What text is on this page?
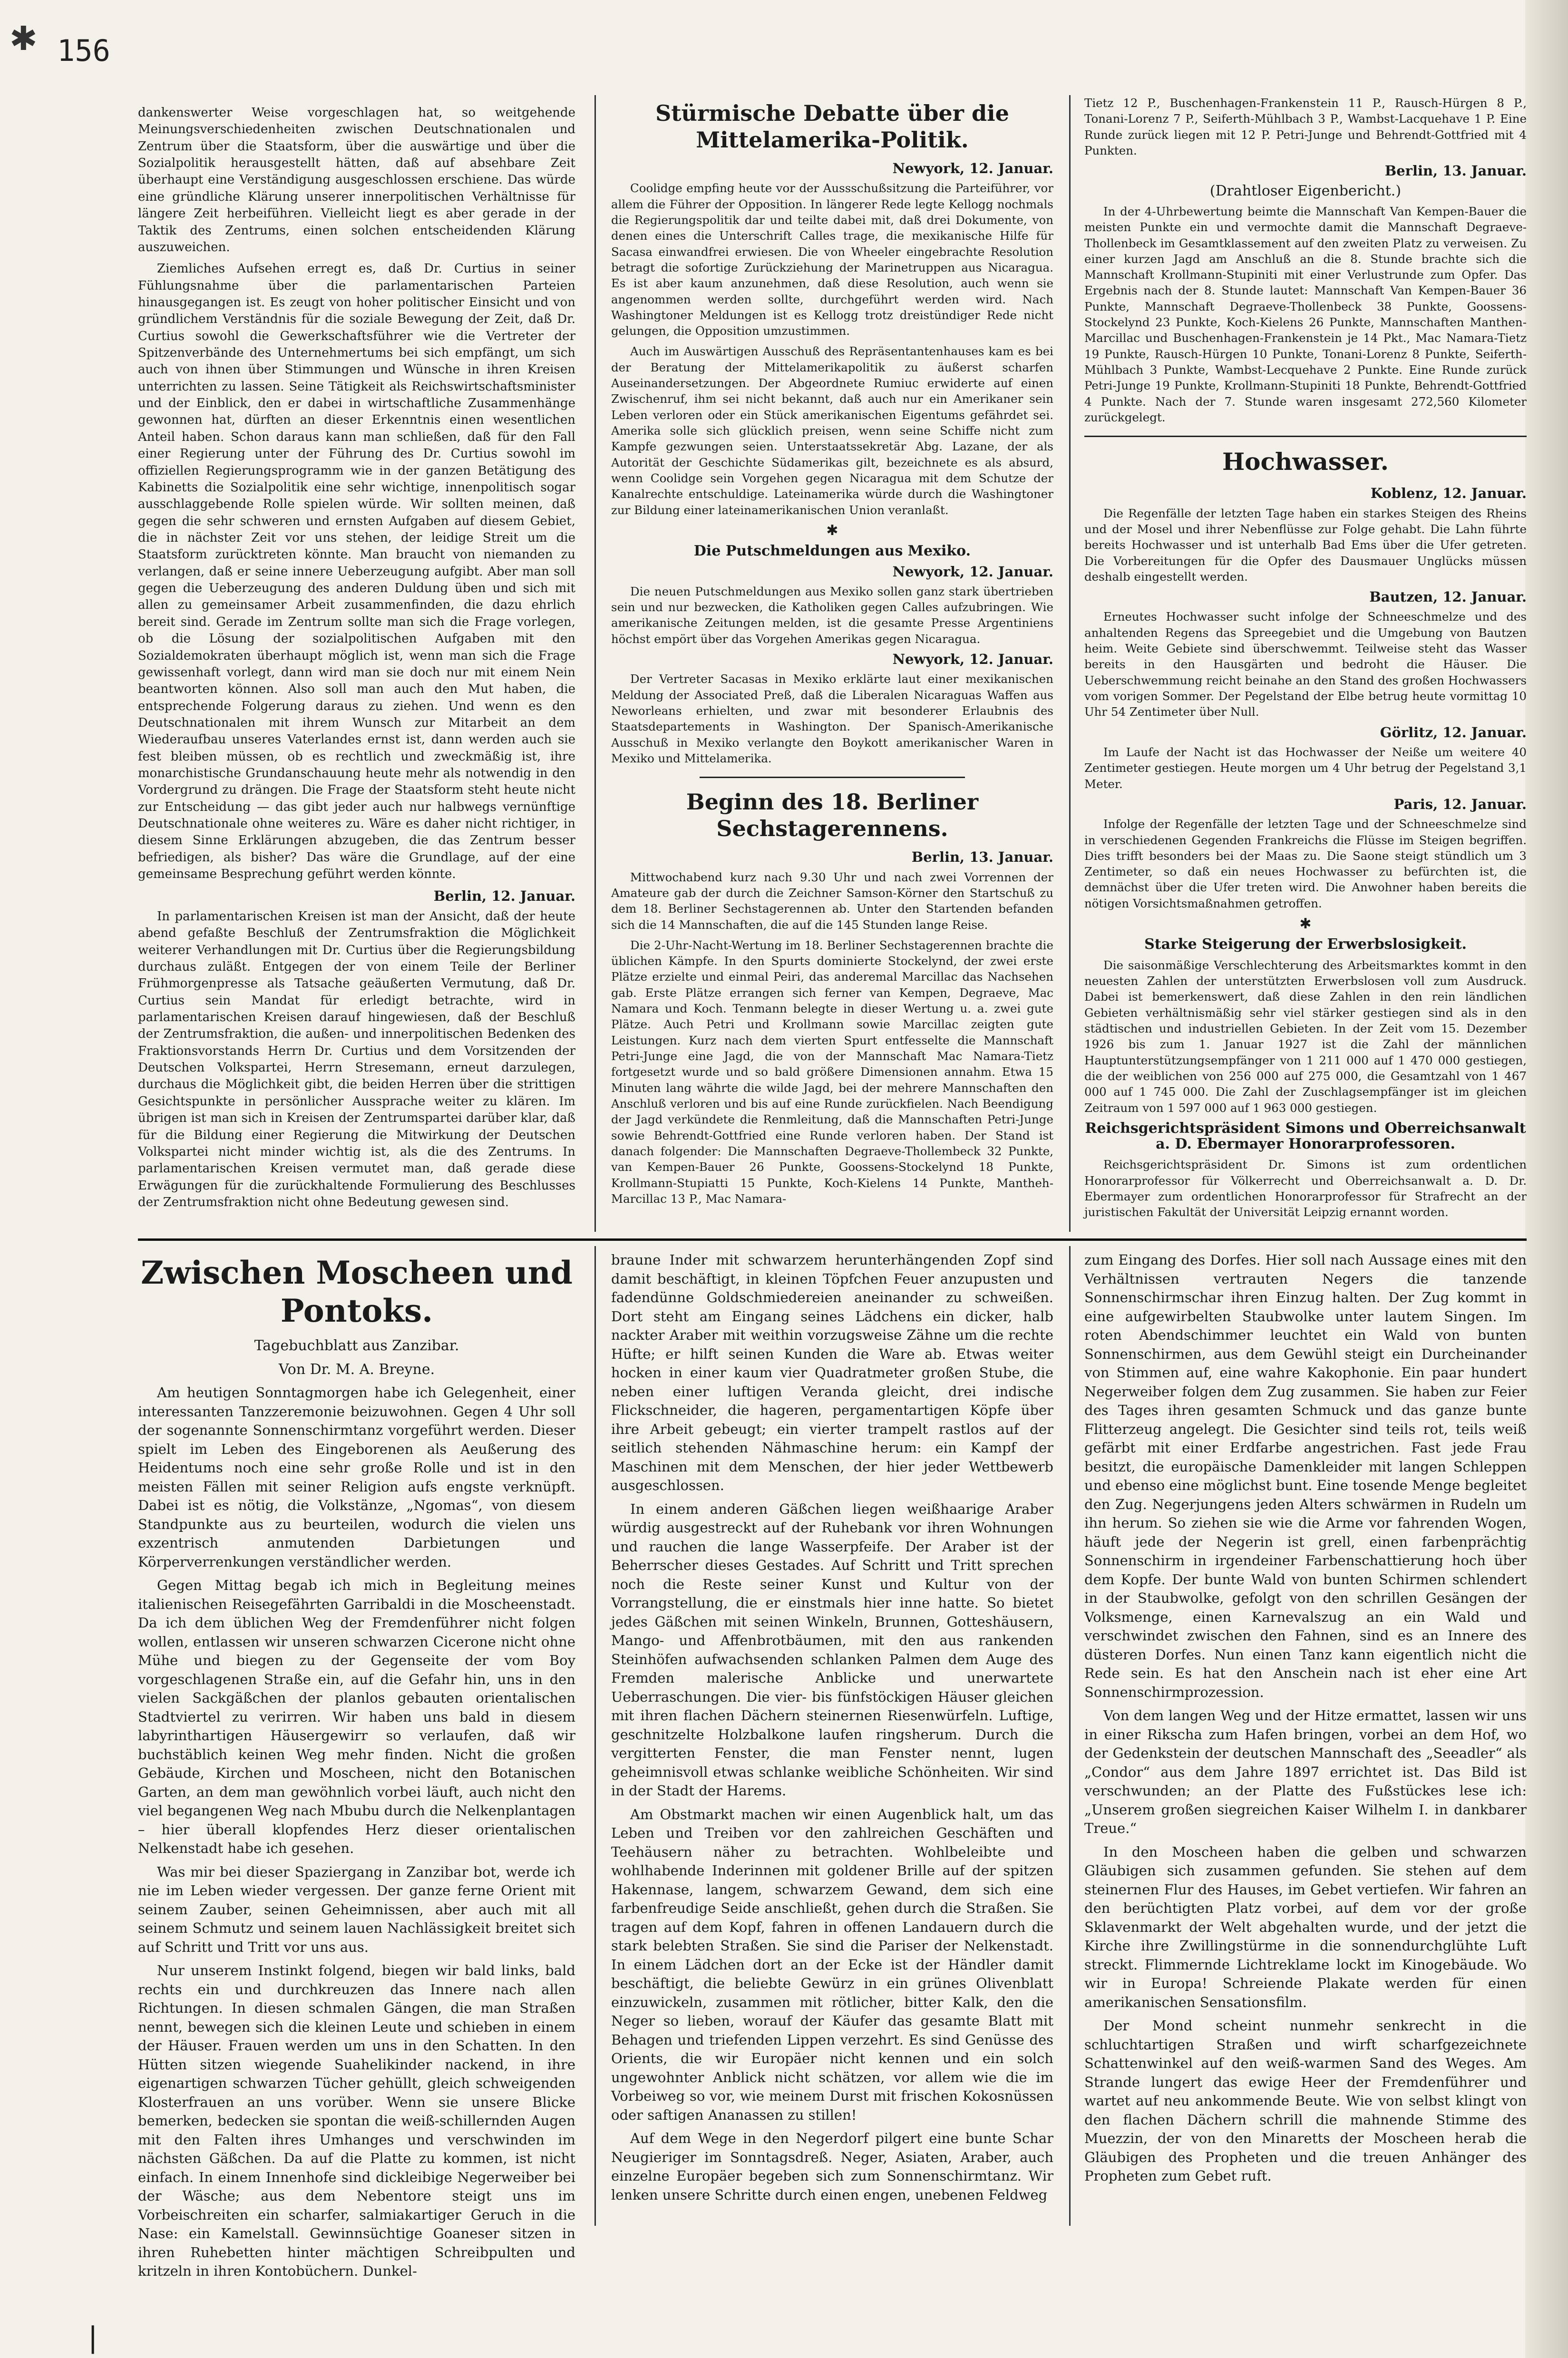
✱ 156

dankenswerter Weise vorgeschlagen hat, so weitgehende Meinungsverschiedenheiten zwischen Deutschnationalen und Zentrum über die Staatsform, über die auswärtige und über die Sozialpolitik herausgestellt hätten, daß auf absehbare Zeit überhaupt eine Verständigung ausgeschlossen erschiene. Das würde eine gründliche Klärung unserer innerpolitischen Verhältnisse für längere Zeit herbeiführen. Vielleicht liegt es aber gerade in der Taktik des Zentrums, einen solchen entscheidenden Klärung auszuweichen.

Ziemliches Aufsehen erregt es, daß Dr. Curtius in seiner Fühlungsnahme über die parlamentarischen Parteien hinausgegangen ist. Es zeugt von hoher politischer Einsicht und von gründlichem Verständnis für die soziale Bewegung der Zeit, daß Dr. Curtius sowohl die Gewerkschaftsführer wie die Vertreter der Spitzenverbände des Unternehmertums bei sich empfängt, um sich auch von ihnen über Stimmungen und Wünsche in ihren Kreisen unterrichten zu lassen. Seine Tätigkeit als Reichswirtschaftsminister und der Einblick, den er dabei in wirtschaftliche Zusammenhänge gewonnen hat, dürften an dieser Erkenntnis einen wesentlichen Anteil haben. Schon daraus kann man schließen, daß für den Fall einer Regierung unter der Führung des Dr. Curtius sowohl im offiziellen Regierungsprogramm wie in der ganzen Betätigung des Kabinetts die Sozialpolitik eine sehr wichtige, innenpolitisch sogar ausschlaggebende Rolle spielen würde. Wir sollten meinen, daß gegen die sehr schweren und ernsten Aufgaben auf diesem Gebiet, die in nächster Zeit vor uns stehen, der leidige Streit um die Staatsform zurücktreten könnte. Man braucht von niemanden zu verlangen, daß er seine innere Ueberzeugung aufgibt. Aber man soll gegen die Ueberzeugung des anderen Duldung üben und sich mit allen zu gemeinsamer Arbeit zusammenfinden, die dazu ehrlich bereit sind. Gerade im Zentrum sollte man sich die Frage vorlegen, ob die Lösung der sozialpolitischen Aufgaben mit den Sozialdemokraten überhaupt möglich ist, wenn man sich die Frage gewissenhaft vorlegt, dann wird man sie doch nur mit einem Nein beantworten können. Also soll man auch den Mut haben, die entsprechende Folgerung daraus zu ziehen. Und wenn es den Deutschnationalen mit ihrem Wunsch zur Mitarbeit an dem Wiederaufbau unseres Vaterlandes ernst ist, dann werden auch sie fest bleiben müssen, ob es rechtlich und zweckmäßig ist, ihre monarchistische Grundanschauung heute mehr als notwendig in den Vordergrund zu drängen. Die Frage der Staatsform steht heute nicht zur Entscheidung — das gibt jeder auch nur halbwegs vernünftige Deutschnationale ohne weiteres zu. Wäre es daher nicht richtiger, in diesem Sinne Erklärungen abzugeben, die das Zentrum besser befriedigen, als bisher? Das wäre die Grundlage, auf der eine gemeinsame Besprechung geführt werden könnte.

Berlin, 12. Januar.

In parlamentarischen Kreisen ist man der Ansicht, daß der heute abend gefaßte Beschluß der Zentrumsfraktion die Möglichkeit weiterer Verhandlungen mit Dr. Curtius über die Regierungsbildung durchaus zuläßt. Entgegen der von einem Teile der Berliner Frühmorgenpresse als Tatsache geäußerten Vermutung, daß Dr. Curtius sein Mandat für erledigt betrachte, wird in parlamentarischen Kreisen darauf hingewiesen, daß der Beschluß der Zentrumsfraktion, die außen- und innerpolitischen Bedenken des Fraktionsvorstands Herrn Dr. Curtius und dem Vorsitzenden der Deutschen Volkspartei, Herrn Stresemann, erneut darzulegen, durchaus die Möglichkeit gibt, die beiden Herren über die strittigen Gesichtspunkte in persönlicher Aussprache weiter zu klären. Im übrigen ist man sich in Kreisen der Zentrumspartei darüber klar, daß für die Bildung einer Regierung die Mitwirkung der Deutschen Volkspartei nicht minder wichtig ist, als die des Zentrums. In parlamentarischen Kreisen vermutet man, daß gerade diese Erwägungen für die zurückhaltende Formulierung des Beschlusses der Zentrumsfraktion nicht ohne Bedeutung gewesen sind.

Stürmische Debatte über die Mittelamerika-Politik.
Newyork, 12. Januar.

Coolidge empfing heute vor der Aussschußsitzung die Parteiführer, vor allem die Führer der Opposition. In längerer Rede legte Kellogg nochmals die Regierungspolitik dar und teilte dabei mit, daß drei Dokumente, von denen eines die Unterschrift Calles trage, die mexikanische Hilfe für Sacasa einwandfrei erwiesen. Die von Wheeler eingebrachte Resolution betragt die sofortige Zurückziehung der Marinetruppen aus Nicaragua. Es ist aber kaum anzunehmen, daß diese Resolution, auch wenn sie angenommen werden sollte, durchgeführt werden wird. Nach Washingtoner Meldungen ist es Kellogg trotz dreistündiger Rede nicht gelungen, die Opposition umzustimmen.

Auch im Auswärtigen Ausschuß des Repräsentantenhauses kam es bei der Beratung der Mittelamerikapolitik zu äußerst scharfen Auseinandersetzungen. Der Abgeordnete Rumiuc erwiderte auf einen Zwischenruf, ihm sei nicht bekannt, daß auch nur ein Amerikaner sein Leben verloren oder ein Stück amerikanischen Eigentums gefährdet sei. Amerika solle sich glücklich preisen, wenn seine Schiffe nicht zum Kampfe gezwungen seien. Unterstaatssekretär Abg. Lazane, der als Autorität der Geschichte Südamerikas gilt, bezeichnete es als absurd, wenn Coolidge sein Vorgehen gegen Nicaragua mit dem Schutze der Kanalrechte entschuldige. Lateinamerika würde durch die Washingtoner zur Bildung einer lateinamerikanischen Union veranlaßt.

✱
Die Putschmeldungen aus Mexiko.
Newyork, 12. Januar.

Die neuen Putschmeldungen aus Mexiko sollen ganz stark übertrieben sein und nur bezwecken, die Katholiken gegen Calles aufzubringen. Wie amerikanische Zeitungen melden, ist die gesamte Presse Argentiniens höchst empört über das Vorgehen Amerikas gegen Nicaragua.

Newyork, 12. Januar.

Der Vertreter Sacasas in Mexiko erklärte laut einer mexikanischen Meldung der Associated Preß, daß die Liberalen Nicaraguas Waffen aus Neworleans erhielten, und zwar mit besonderer Erlaubnis des Staatsdepartements in Washington. Der Spanisch-Amerikanische Ausschuß in Mexiko verlangte den Boykott amerikanischer Waren in Mexiko und Mittelamerika.

Beginn des 18. Berliner Sechstagerennens.
Berlin, 13. Januar.

Mittwochabend kurz nach 9.30 Uhr und nach zwei Vorrennen der Amateure gab der durch die Zeichner Samson-Körner den Startschuß zu dem 18. Berliner Sechstagerennen ab. Unter den Startenden befanden sich die 14 Mannschaften, die auf die 145 Stunden lange Reise.

Die 2-Uhr-Nacht-Wertung im 18. Berliner Sechstagerennen brachte die üblichen Kämpfe. In den Spurts dominierte Stockelynd, der zwei erste Plätze erzielte und einmal Peiri, das anderemal Marcillac das Nachsehen gab. Erste Plätze errangen sich ferner van Kempen, Degraeve, Mac Namara und Koch. Tenmann belegte in dieser Wertung u. a. zwei gute Plätze. Auch Petri und Krollmann sowie Marcillac zeigten gute Leistungen. Kurz nach dem vierten Spurt entfesselte die Mannschaft Petri-Junge eine Jagd, die von der Mannschaft Mac Namara-Tietz fortgesetzt wurde und so bald größere Dimensionen annahm. Etwa 15 Minuten lang währte die wilde Jagd, bei der mehrere Mannschaften den Anschluß verloren und bis auf eine Runde zurückfielen. Nach Beendigung der Jagd verkündete die Renmleitung, daß die Mannschaften Petri-Junge sowie Behrendt-Gottfried eine Runde verloren haben. Der Stand ist danach folgender: Die Mannschaften Degraeve-Thollembeck 32 Punkte, van Kempen-Bauer 26 Punkte, Goossens-Stockelynd 18 Punkte, Krollmann-Stupiatti 15 Punkte, Koch-Kielens 14 Punkte, Mantheh-Marcillac 13 P., Mac Namara-

Tietz 12 P., Buschenhagen-Frankenstein 11 P., Rausch-Hürgen 8 P., Tonani-Lorenz 7 P., Seiferth-Mühlbach 3 P., Wambst-Lacquehave 1 P. Eine Runde zurück liegen mit 12 P. Petri-Junge und Behrendt-Gottfried mit 4 Punkten.

Berlin, 13. Januar.
(Drahtloser Eigenbericht.)

In der 4-Uhrbewertung beimte die Mannschaft Van Kempen-Bauer die meisten Punkte ein und vermochte damit die Mannschaft Degraeve-Thollenbeck im Gesamtklassement auf den zweiten Platz zu verweisen. Zu einer kurzen Jagd am Anschluß an die 8. Stunde brachte sich die Mannschaft Krollmann-Stupiniti mit einer Verlustrunde zum Opfer. Das Ergebnis nach der 8. Stunde lautet: Mannschaft Van Kempen-Bauer 36 Punkte, Mannschaft Degraeve-Thollenbeck 38 Punkte, Goossens-Stockelynd 23 Punkte, Koch-Kielens 26 Punkte, Mannschaften Manthen-Marcillac und Buschenhagen-Frankenstein je 14 Pkt., Mac Namara-Tietz 19 Punkte, Rausch-Hürgen 10 Punkte, Tonani-Lorenz 8 Punkte, Seiferth-Mühlbach 3 Punkte, Wambst-Lecquehave 2 Punkte. Eine Runde zurück Petri-Junge 19 Punkte, Krollmann-Stupiniti 18 Punkte, Behrendt-Gottfried 4 Punkte. Nach der 7. Stunde waren insgesamt 272,560 Kilometer zurückgelegt.

Hochwasser.
Koblenz, 12. Januar.

Die Regenfälle der letzten Tage haben ein starkes Steigen des Rheins und der Mosel und ihrer Nebenflüsse zur Folge gehabt. Die Lahn führte bereits Hochwasser und ist unterhalb Bad Ems über die Ufer getreten. Die Vorbereitungen für die Opfer des Dausmauer Unglücks müssen deshalb eingestellt werden.

Bautzen, 12. Januar.

Erneutes Hochwasser sucht infolge der Schneeschmelze und des anhaltenden Regens das Spreegebiet und die Umgebung von Bautzen heim. Weite Gebiete sind überschwemmt. Teilweise steht das Wasser bereits in den Hausgärten und bedroht die Häuser. Die Ueberschwemmung reicht beinahe an den Stand des großen Hochwassers vom vorigen Sommer. Der Pegelstand der Elbe betrug heute vormittag 10 Uhr 54 Zentimeter über Null.

Görlitz, 12. Januar.

Im Laufe der Nacht ist das Hochwasser der Neiße um weitere 40 Zentimeter gestiegen. Heute morgen um 4 Uhr betrug der Pegelstand 3,1 Meter.

Paris, 12. Januar.

Infolge der Regenfälle der letzten Tage und der Schneeschmelze sind in verschiedenen Gegenden Frankreichs die Flüsse im Steigen begriffen. Dies trifft besonders bei der Maas zu. Die Saone steigt stündlich um 3 Zentimeter, so daß ein neues Hochwasser zu befürchten ist, die demnächst über die Ufer treten wird. Die Anwohner haben bereits die nötigen Vorsichtsmaßnahmen getroffen.

✱
Starke Steigerung der Erwerbslosigkeit.

Die saisonmäßige Verschlechterung des Arbeitsmarktes kommt in den neuesten Zahlen der unterstützten Erwerbslosen voll zum Ausdruck. Dabei ist bemerkenswert, daß diese Zahlen in den rein ländlichen Gebieten verhältnismäßig sehr viel stärker gestiegen sind als in den städtischen und industriellen Gebieten. In der Zeit vom 15. Dezember 1926 bis zum 1. Januar 1927 ist die Zahl der männlichen Hauptunterstützungsempfänger von 1 211 000 auf 1 470 000 gestiegen, die der weiblichen von 256 000 auf 275 000, die Gesamtzahl von 1 467 000 auf 1 745 000. Die Zahl der Zuschlagsempfänger ist im gleichen Zeitraum von 1 597 000 auf 1 963 000 gestiegen.

Reichsgerichtspräsident Simons und Oberreichsanwalt a. D. Ebermayer Honorarprofessoren.

Reichsgerichtspräsident Dr. Simons ist zum ordentlichen Honorarprofessor für Völkerrecht und Oberreichsanwalt a. D. Dr. Ebermayer zum ordentlichen Honorarprofessor für Strafrecht an der juristischen Fakultät der Universität Leipzig ernannt worden.

Zwischen Moscheen und Pontoks.
Tagebuchblatt aus Zanzibar.
Von Dr. M. A. Breyne.

Am heutigen Sonntagmorgen habe ich Gelegenheit, einer interessanten Tanzzeremonie beizuwohnen. Gegen 4 Uhr soll der sogenannte Sonnenschirmtanz vorgeführt werden. Dieser spielt im Leben des Eingeborenen als Aeußerung des Heidentums noch eine sehr große Rolle und ist in den meisten Fällen mit seiner Religion aufs engste verknüpft. Dabei ist es nötig, die Volkstänze, „Ngomas“, von diesem Standpunkte aus zu beurteilen, wodurch die vielen uns exzentrisch anmutenden Darbietungen und Körperverrenkungen verständlicher werden.

Gegen Mittag begab ich mich in Begleitung meines italienischen Reisegefährten Garribaldi in die Moscheenstadt. Da ich dem üblichen Weg der Fremdenführer nicht folgen wollen, entlassen wir unseren schwarzen Cicerone nicht ohne Mühe und biegen zu der Gegenseite der vom Boy vorgeschlagenen Straße ein, auf die Gefahr hin, uns in den vielen Sackgäßchen der planlos gebauten orientalischen Stadtviertel zu verirren. Wir haben uns bald in diesem labyrinthartigen Häusergewirr so verlaufen, daß wir buchstäblich keinen Weg mehr finden. Nicht die großen Gebäude, Kirchen und Moscheen, nicht den Botanischen Garten, an dem man gewöhnlich vorbei läuft, auch nicht den viel begangenen Weg nach Mbubu durch die Nelkenplantagen – hier überall klopfendes Herz dieser orientalischen Nelkenstadt habe ich gesehen.

Was mir bei dieser Spaziergang in Zanzibar bot, werde ich nie im Leben wieder vergessen. Der ganze ferne Orient mit seinem Zauber, seinen Geheimnissen, aber auch mit all seinem Schmutz und seinem lauen Nachlässigkeit breitet sich auf Schritt und Tritt vor uns aus.

Nur unserem Instinkt folgend, biegen wir bald links, bald rechts ein und durchkreuzen das Innere nach allen Richtungen. In diesen schmalen Gängen, die man Straßen nennt, bewegen sich die kleinen Leute und schieben in einem der Häuser. Frauen werden um uns in den Schatten. In den Hütten sitzen wiegende Suahelikinder nackend, in ihre eigenartigen schwarzen Tücher gehüllt, gleich schweigenden Klosterfrauen an uns vorüber. Wenn sie unsere Blicke bemerken, bedecken sie spontan die weiß-schillernden Augen mit den Falten ihres Umhanges und verschwinden im nächsten Gäßchen. Da auf die Platte zu kommen, ist nicht einfach. In einem Innenhofe sind dickleibige Negerweiber bei der Wäsche; aus dem Nebentore steigt uns im Vorbeischreiten ein scharfer, salmiakartiger Geruch in die Nase: ein Kamelstall. Gewinnsüchtige Goaneser sitzen in ihren Ruhebetten hinter mächtigen Schreibpulten und kritzeln in ihren Kontobüchern. Dunkel-

braune Inder mit schwarzem herunterhängenden Zopf sind damit beschäftigt, in kleinen Töpfchen Feuer anzupusten und fadendünne Goldschmiedereien aneinander zu schweißen. Dort steht am Eingang seines Lädchens ein dicker, halb nackter Araber mit weithin vorzugsweise Zähne um die rechte Hüfte; er hilft seinen Kunden die Ware ab. Etwas weiter hocken in einer kaum vier Quadratmeter großen Stube, die neben einer luftigen Veranda gleicht, drei indische Flickschneider, die hageren, pergamentartigen Köpfe über ihre Arbeit gebeugt; ein vierter trampelt rastlos auf der seitlich stehenden Nähmaschine herum: ein Kampf der Maschinen mit dem Menschen, der hier jeder Wettbewerb ausgeschlossen.

In einem anderen Gäßchen liegen weißhaarige Araber würdig ausgestreckt auf der Ruhebank vor ihren Wohnungen und rauchen die lange Wasserpfeife. Der Araber ist der Beherrscher dieses Gestades. Auf Schritt und Tritt sprechen noch die Reste seiner Kunst und Kultur von der Vorrangstellung, die er einstmals hier inne hatte. So bietet jedes Gäßchen mit seinen Winkeln, Brunnen, Gotteshäusern, Mango- und Affenbrotbäumen, mit den aus rankenden Steinhöfen aufwachsenden schlanken Palmen dem Auge des Fremden malerische Anblicke und unerwartete Ueberraschungen. Die vier- bis fünfstöckigen Häuser gleichen mit ihren flachen Dächern steinernen Riesenwürfeln. Luftige, geschnitzelte Holzbalkone laufen ringsherum. Durch die vergitterten Fenster, die man Fenster nennt, lugen geheimnisvoll etwas schlanke weibliche Schönheiten. Wir sind in der Stadt der Harems.

Am Obstmarkt machen wir einen Augenblick halt, um das Leben und Treiben vor den zahlreichen Geschäften und Teehäusern näher zu betrachten. Wohlbeleibte und wohlhabende Inderinnen mit goldener Brille auf der spitzen Hakennase, langem, schwarzem Gewand, dem sich eine farbenfreudige Seide anschließt, gehen durch die Straßen. Sie tragen auf dem Kopf, fahren in offenen Landauern durch die stark belebten Straßen. Sie sind die Pariser der Nelkenstadt. In einem Lädchen dort an der Ecke ist der Händler damit beschäftigt, die beliebte Gewürz in ein grünes Olivenblatt einzuwickeln, zusammen mit rötlicher, bitter Kalk, den die Neger so lieben, worauf der Käufer das gesamte Blatt mit Behagen und triefenden Lippen verzehrt. Es sind Genüsse des Orients, die wir Europäer nicht kennen und ein solch ungewohnter Anblick nicht schätzen, vor allem wie die im Vorbeiweg so vor, wie meinem Durst mit frischen Kokosnüssen oder saftigen Ananassen zu stillen!

Auf dem Wege in den Negerdorf pilgert eine bunte Schar Neugieriger im Sonntagsdreß. Neger, Asiaten, Araber, auch einzelne Europäer begeben sich zum Sonnenschirmtanz. Wir lenken unsere Schritte durch einen engen, unebenen Feldweg

zum Eingang des Dorfes. Hier soll nach Aussage eines mit den Verhältnissen vertrauten Negers die tanzende Sonnenschirmschar ihren Einzug halten. Der Zug kommt in eine aufgewirbelten Staubwolke unter lautem Singen. Im roten Abendschimmer leuchtet ein Wald von bunten Sonnenschirmen, aus dem Gewühl steigt ein Durcheinander von Stimmen auf, eine wahre Kakophonie. Ein paar hundert Negerweiber folgen dem Zug zusammen. Sie haben zur Feier des Tages ihren gesamten Schmuck und das ganze bunte Flitterzeug angelegt. Die Gesichter sind teils rot, teils weiß gefärbt mit einer Erdfarbe angestrichen. Fast jede Frau besitzt, die europäische Damenkleider mit langen Schleppen und ebenso eine möglichst bunt. Eine tosende Menge begleitet den Zug. Negerjungens jeden Alters schwärmen in Rudeln um ihn herum. So ziehen sie wie die Arme vor fahrenden Wogen, häuft jede der Negerin ist grell, einen farbenprächtig Sonnenschirm in irgendeiner Farbenschattierung hoch über dem Kopfe. Der bunte Wald von bunten Schirmen schlendert in der Staubwolke, gefolgt von den schrillen Gesängen der Volksmenge, einen Karnevalszug an ein Wald und verschwindet zwischen den Fahnen, sind es an Innere des düsteren Dorfes. Nun einen Tanz kann eigentlich nicht die Rede sein. Es hat den Anschein nach ist eher eine Art Sonnenschirmprozession.

Von dem langen Weg und der Hitze ermattet, lassen wir uns in einer Rikscha zum Hafen bringen, vorbei an dem Hof, wo der Gedenkstein der deutschen Mannschaft des „Seeadler“ als „Condor“ aus dem Jahre 1897 errichtet ist. Das Bild ist verschwunden; an der Platte des Fußstückes lese ich: „Unserem großen siegreichen Kaiser Wilhelm I. in dankbarer Treue.“

In den Moscheen haben die gelben und schwarzen Gläubigen sich zusammen gefunden. Sie stehen auf dem steinernen Flur des Hauses, im Gebet vertiefen. Wir fahren an den berüchtigten Platz vorbei, auf dem vor der große Sklavenmarkt der Welt abgehalten wurde, und der jetzt die Kirche ihre Zwillingstürme in die sonnendurchglühte Luft streckt. Flimmernde Lichtreklame lockt im Kinogebäude. Wo wir in Europa! Schreiende Plakate werden für einen amerikanischen Sensationsfilm.

Der Mond scheint nunmehr senkrecht in die schluchtartigen Straßen und wirft scharfgezeichnete Schattenwinkel auf den weiß-warmen Sand des Weges. Am Strande lungert das ewige Heer der Fremdenführer und wartet auf neu ankommende Beute. Wie von selbst klingt von den flachen Dächern schrill die mahnende Stimme des Muezzin, der von den Minaretts der Moscheen herab die Gläubigen des Propheten und die treuen Anhänger des Propheten zum Gebet ruft.

❘
